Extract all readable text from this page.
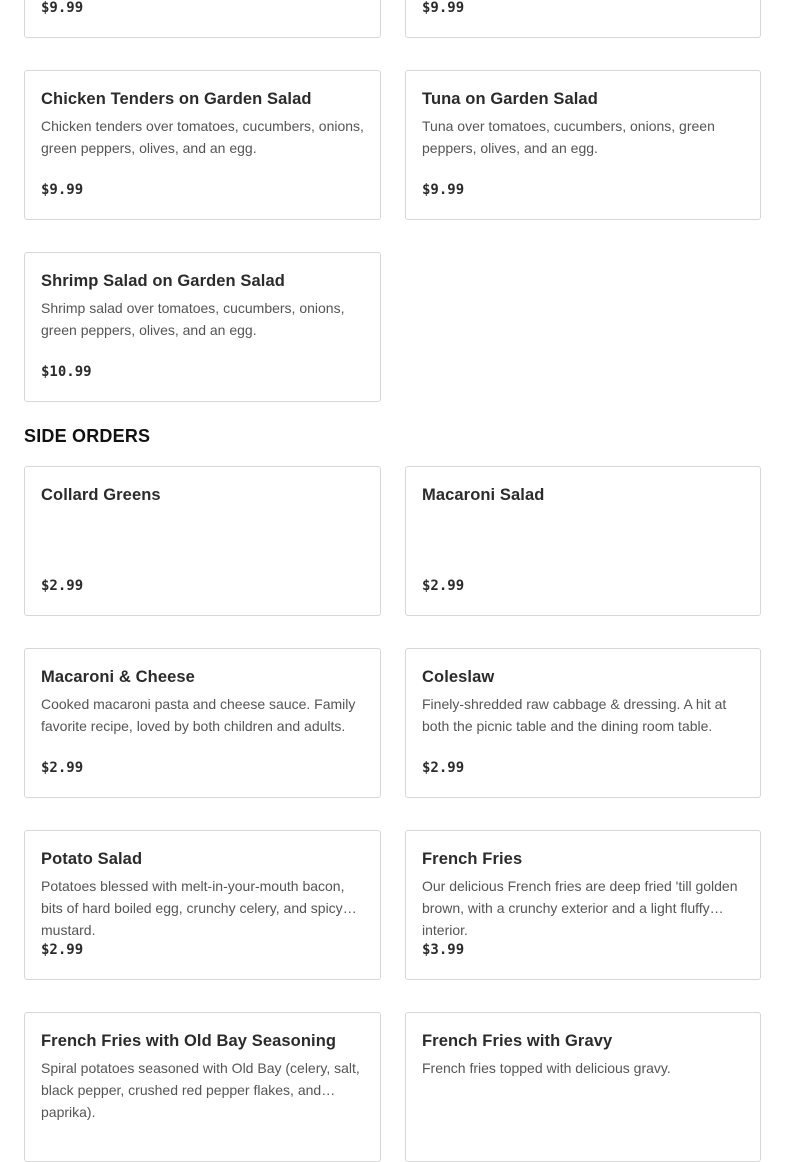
$9.99	$9.99
Chicken Tenders on Garden Salad
Chicken tenders over tomatoes, cucumbers, onions, green peppers, olives, and an egg.
$9.99
Tuna on Garden Salad
Tuna over tomatoes, cucumbers, onions, green peppers, olives, and an egg.
$9.99
Shrimp Salad on Garden Salad
Shrimp salad over tomatoes, cucumbers, onions, green peppers, olives, and an egg.
$10.99
SIDE ORDERS
Collard Greens
$2.99
Macaroni Salad
$2.99
Macaroni & Cheese
Cooked macaroni pasta and cheese sauce. Family favorite recipe, loved by both children and adults.
$2.99
Coleslaw
Finely-shredded raw cabbage & dressing. A hit at both the picnic table and the dining room table.
$2.99
Potato Salad
Potatoes blessed with melt-in-your-mouth bacon, bits of hard boiled egg, crunchy celery, and spicy mustard.
$2.99
French Fries
Our delicious French fries are deep fried 'till golden brown, with a crunchy exterior and a light fluffy interior.
$3.99
French Fries with Old Bay Seasoning
Spiral potatoes seasoned with Old Bay (celery, salt, black pepper, crushed red pepper flakes, and paprika).
French Fries with Gravy
French fries topped with delicious gravy.
